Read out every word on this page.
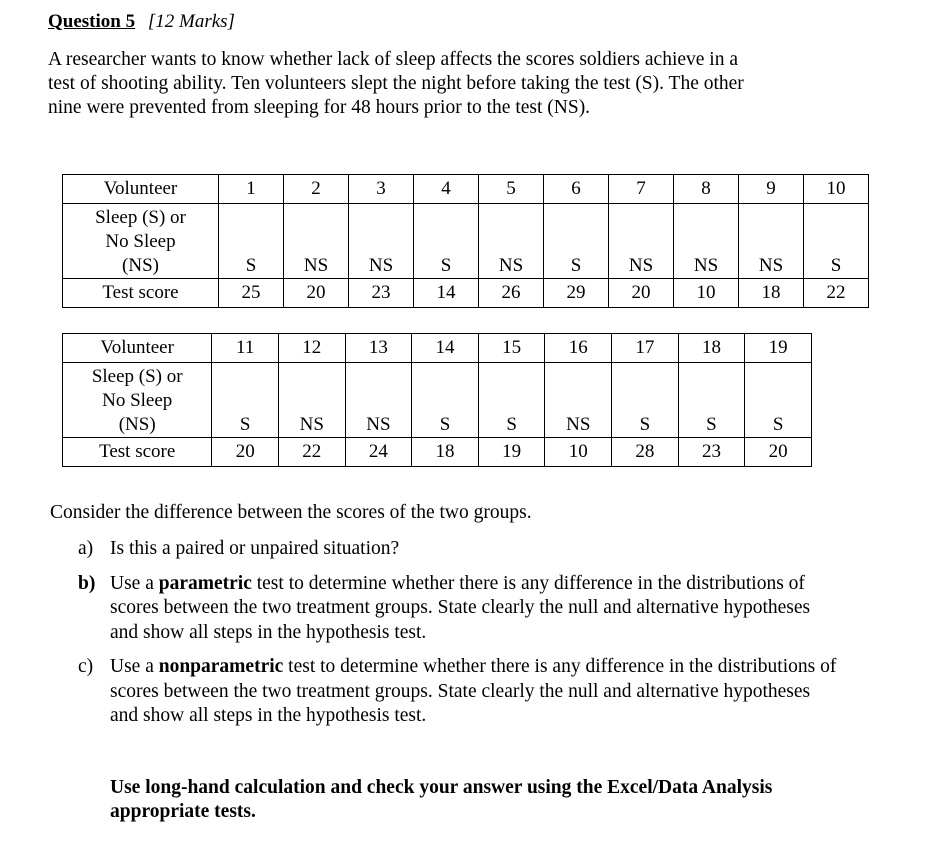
Question 5 [12 Marks]

A researcher wants to know whether lack of sleep affects the scores soldiers achieve in a

test of shooting ability. Ten volunteers slept the night before taking the test (S). The other

nine were prevented from sleeping for 48 hours prior to the test (NS).

Volunteer	1	2	3	4	5	6	7	8	9	10
Sleep (S) or
No Sleep
(NS)	S	NS	NS	S	NS	S	NS	NS	NS	S
Test score	25	20	23	14	26	29	20	10	18	22
Volunteer	11	12	13	14	15	16	17	18	19
Sleep (S) or
No Sleep
(NS)	S	NS	NS	S	S	NS	S	S	S
Test score	20	22	24	18	19	10	28	23	20
Consider the difference between the scores of the two groups.
a) Is this a paired or unpaired situation?
b) Use a parametric test to determine whether there is any difference in the distributions of scores between the two treatment groups. State clearly the null and alternative hypotheses and show all steps in the hypothesis test.
c) Use a nonparametric test to determine whether there is any difference in the distributions of scores between the two treatment groups. State clearly the null and alternative hypotheses and show all steps in the hypothesis test.
Use long-hand calculation and check your answer using the Excel/Data Analysis appropriate tests.
